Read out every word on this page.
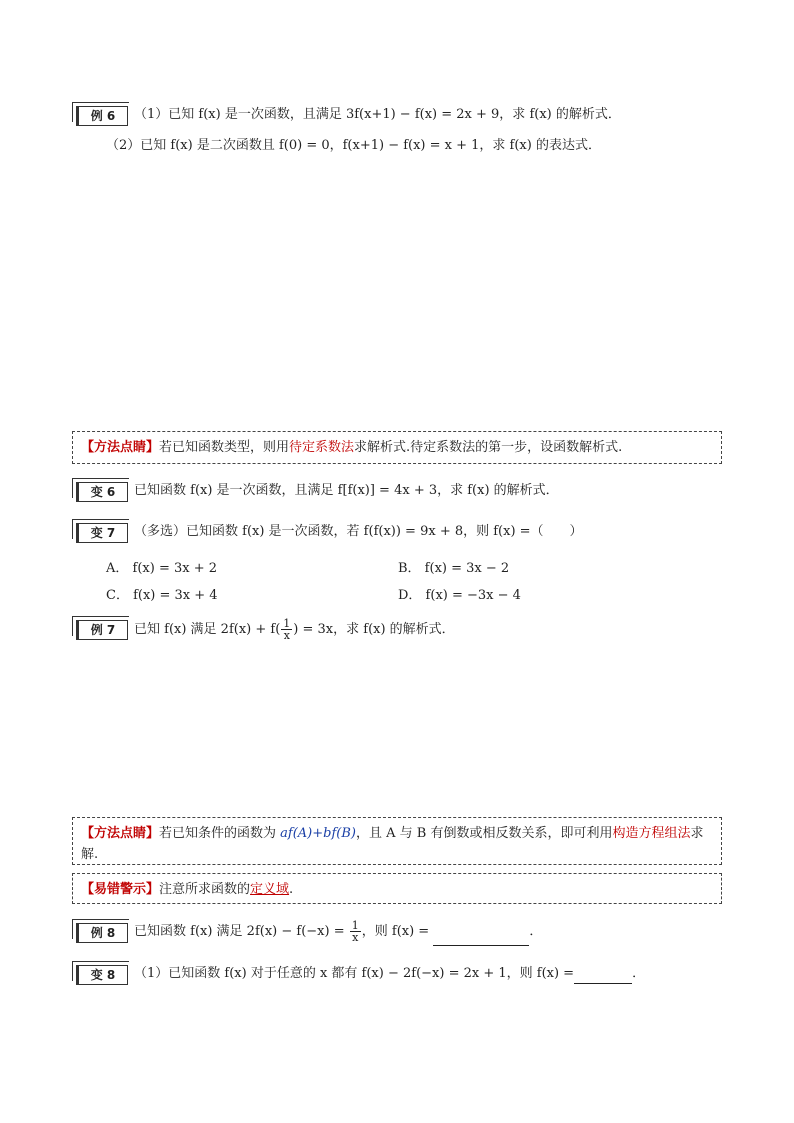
例 6	（1）已知 f(x) 是一次函数，且满足 3f(x+1) − f(x) = 2x + 9，求 f(x) 的解析式．
（2）已知 f(x) 是二次函数且 f(0) = 0，f(x+1) − f(x) = x + 1，求 f(x) 的表达式．
【方法点睛】若已知函数类型，则用待定系数法求解析式.待定系数法的第一步，设函数解析式.
变 6	已知函数 f(x) 是一次函数，且满足 f[f(x)] = 4x + 3，求 f(x) 的解析式．
变 7	（多选）已知函数 f(x) 是一次函数，若 f(f(x)) = 9x + 8，则 f(x) =（　　）
A． f(x) = 3x + 2	B． f(x) = 3x − 2
C． f(x) = 3x + 4	D． f(x) = −3x − 4
例 7	已知 f(x) 满足 $2f(x) + f( \frac{1}{x}$ ) = 3x，求 f(x) 的解析式．
【方法点睛】若已知条件的函数为 af(A)+bf(B)，且 A 与 B 有倒数或相反数关系，即可利用构造方程组法求解.
【易错警示】注意所求函数的定义域.
例 8	已知函数 f(x) 满足 $2f(x) - f(-x) = \frac{1}{x}$ ，则 f(x) =	．
变 8	（1）已知函数 f(x) 对于任意的 x 都有 f(x) − 2f(−x) = 2x + 1，则 f(x) =	．
